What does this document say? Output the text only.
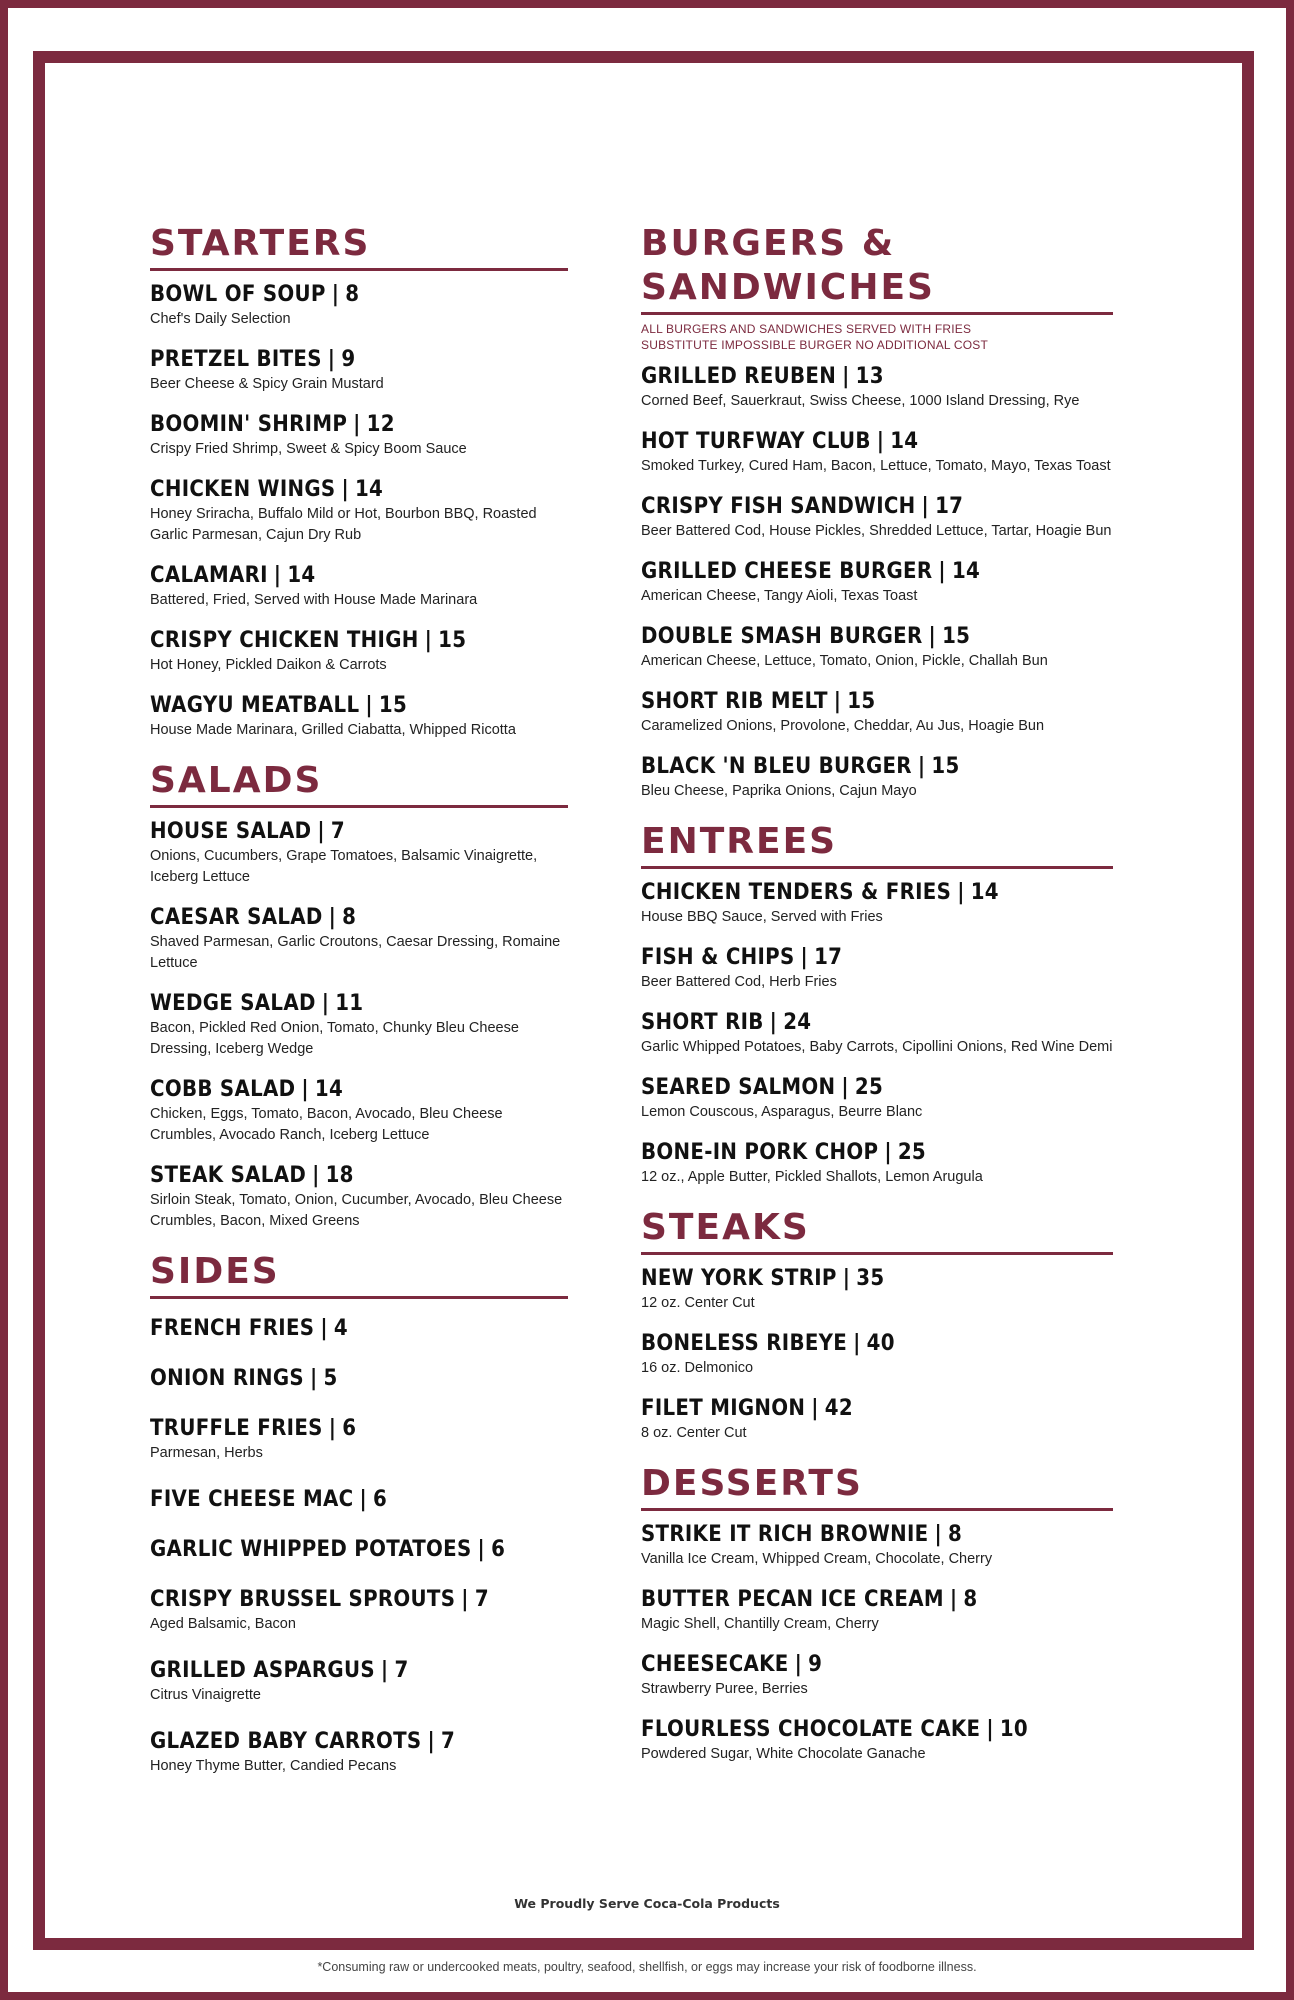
STARTERS
BOWL OF SOUP | 8
Chef's Daily Selection
PRETZEL BITES | 9
Beer Cheese & Spicy Grain Mustard
BOOMIN' SHRIMP | 12
Crispy Fried Shrimp, Sweet & Spicy Boom Sauce
CHICKEN WINGS | 14
Honey Sriracha, Buffalo Mild or Hot, Bourbon BBQ, Roasted Garlic Parmesan, Cajun Dry Rub
CALAMARI | 14
Battered, Fried, Served with House Made Marinara
CRISPY CHICKEN THIGH | 15
Hot Honey, Pickled Daikon & Carrots
WAGYU MEATBALL | 15
House Made Marinara, Grilled Ciabatta, Whipped Ricotta
SALADS
HOUSE SALAD | 7
Onions, Cucumbers, Grape Tomatoes, Balsamic Vinaigrette, Iceberg Lettuce
CAESAR SALAD | 8
Shaved Parmesan, Garlic Croutons, Caesar Dressing, Romaine Lettuce
WEDGE SALAD | 11
Bacon, Pickled Red Onion, Tomato, Chunky Bleu Cheese Dressing, Iceberg Wedge
COBB SALAD | 14
Chicken, Eggs, Tomato, Bacon, Avocado, Bleu Cheese Crumbles, Avocado Ranch, Iceberg Lettuce
STEAK SALAD | 18
Sirloin Steak, Tomato, Onion, Cucumber, Avocado, Bleu Cheese Crumbles, Bacon, Mixed Greens
SIDES
FRENCH FRIES | 4
ONION RINGS | 5
TRUFFLE FRIES | 6
Parmesan, Herbs
FIVE CHEESE MAC | 6
GARLIC WHIPPED POTATOES | 6
CRISPY BRUSSEL SPROUTS | 7
Aged Balsamic, Bacon
GRILLED ASPARGUS | 7
Citrus Vinaigrette
GLAZED BABY CARROTS | 7
Honey Thyme Butter, Candied Pecans
BURGERS & SANDWICHES
ALL BURGERS AND SANDWICHES SERVED WITH FRIES
SUBSTITUTE IMPOSSIBLE BURGER NO ADDITIONAL COST
GRILLED REUBEN | 13
Corned Beef, Sauerkraut, Swiss Cheese, 1000 Island Dressing, Rye
HOT TURFWAY CLUB | 14
Smoked Turkey, Cured Ham, Bacon, Lettuce, Tomato, Mayo, Texas Toast
CRISPY FISH SANDWICH | 17
Beer Battered Cod, House Pickles, Shredded Lettuce, Tartar, Hoagie Bun
GRILLED CHEESE BURGER | 14
American Cheese, Tangy Aioli, Texas Toast
DOUBLE SMASH BURGER | 15
American Cheese, Lettuce, Tomato, Onion, Pickle, Challah Bun
SHORT RIB MELT | 15
Caramelized Onions, Provolone, Cheddar, Au Jus, Hoagie Bun
BLACK 'N BLEU BURGER | 15
Bleu Cheese, Paprika Onions, Cajun Mayo
ENTREES
CHICKEN TENDERS & FRIES | 14
House BBQ Sauce, Served with Fries
FISH & CHIPS | 17
Beer Battered Cod, Herb Fries
SHORT RIB | 24
Garlic Whipped Potatoes, Baby Carrots, Cipollini Onions, Red Wine Demi
SEARED SALMON | 25
Lemon Couscous, Asparagus, Beurre Blanc
BONE-IN PORK CHOP | 25
12 oz., Apple Butter, Pickled Shallots, Lemon Arugula
STEAKS
NEW YORK STRIP | 35
12 oz. Center Cut
BONELESS RIBEYE | 40
16 oz. Delmonico
FILET MIGNON | 42
8 oz. Center Cut
DESSERTS
STRIKE IT RICH BROWNIE | 8
Vanilla Ice Cream, Whipped Cream, Chocolate, Cherry
BUTTER PECAN ICE CREAM | 8
Magic Shell, Chantilly Cream, Cherry
CHEESECAKE | 9
Strawberry Puree, Berries
FLOURLESS CHOCOLATE CAKE | 10
Powdered Sugar, White Chocolate Ganache
We Proudly Serve Coca-Cola Products
*Consuming raw or undercooked meats, poultry, seafood, shellfish, or eggs may increase your risk of foodborne illness.
